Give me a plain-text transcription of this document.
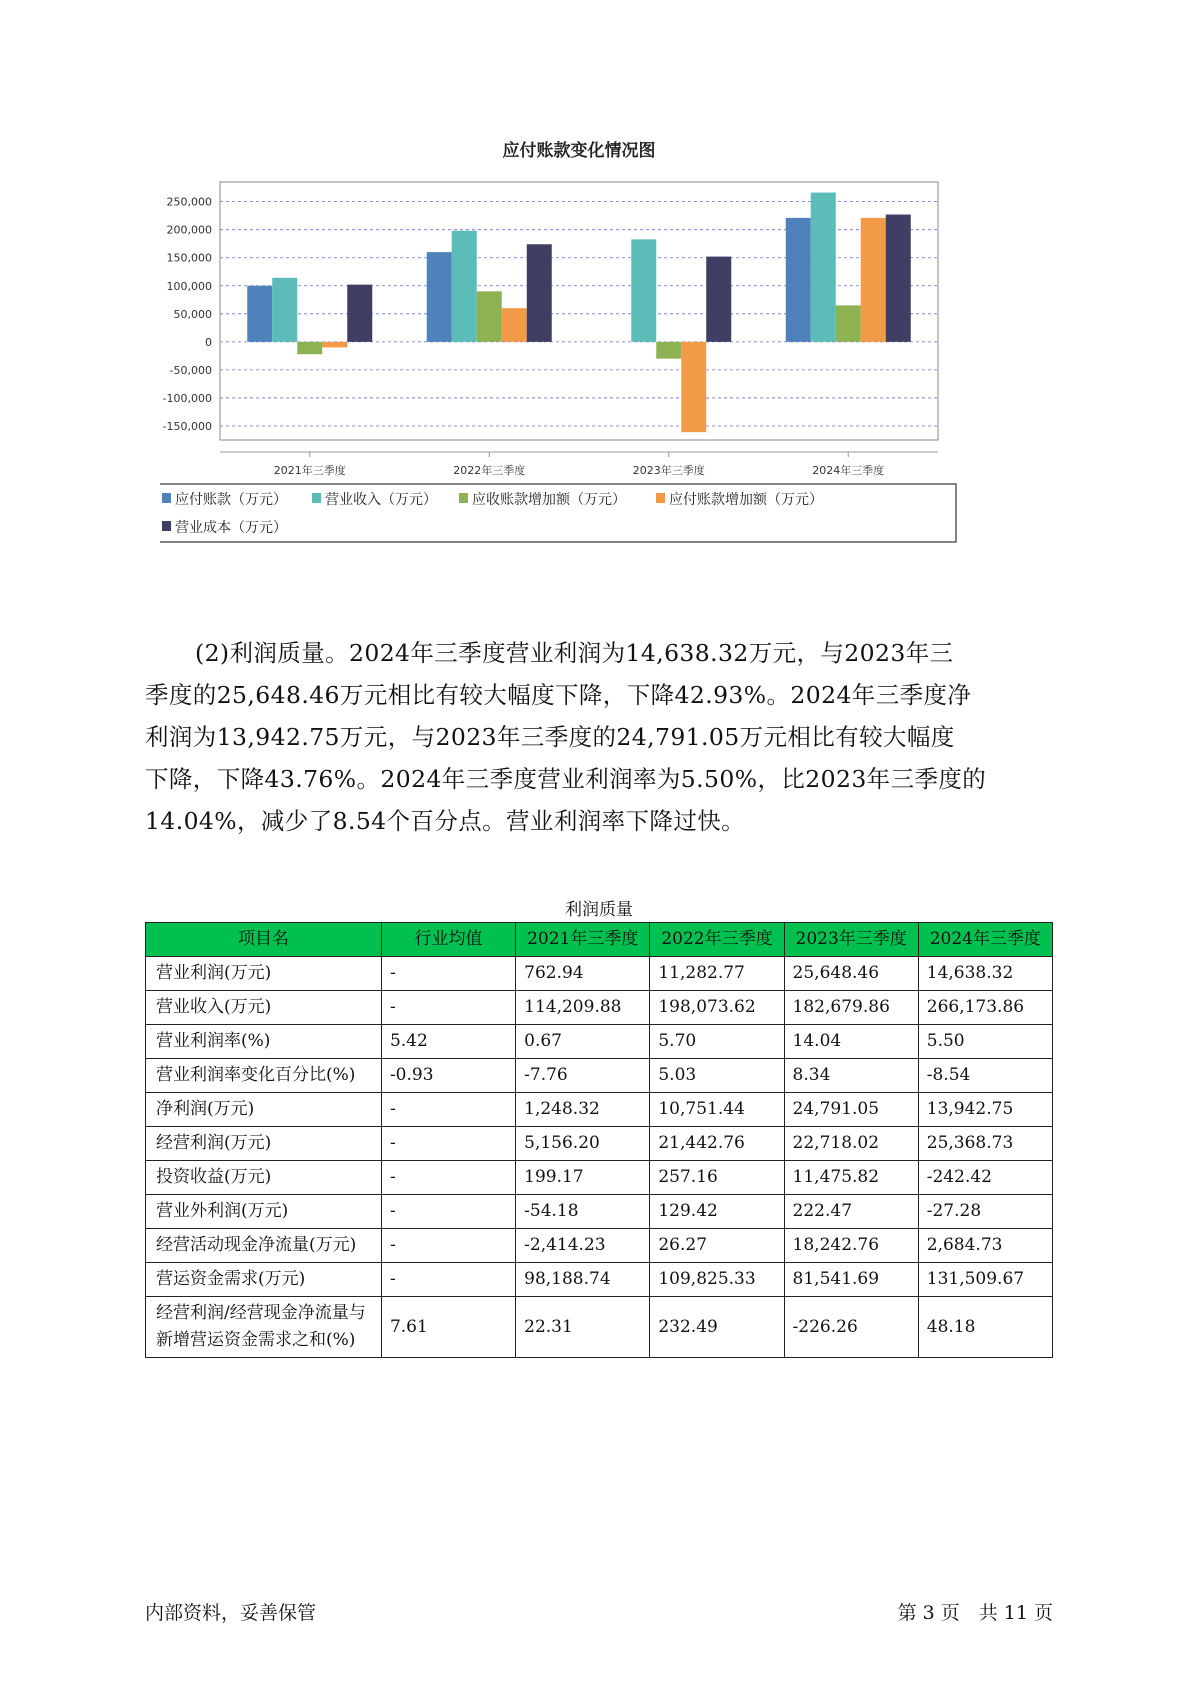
应付账款变化情况图
250,000
200,000
150,000
100,000
50,000
0
-50,000
-100,000
-150,000
2021年三季度	2022年三季度	2023年三季度	2024年三季度
应付账款（万元）	营业收入（万元）	应收账款增加额（万元）	应付账款增加额（万元）
营业成本（万元）
(2)利润质量。2024年三季度营业利润为14,638.32万元，与2023年三
季度的25,648.46万元相比有较大幅度下降，下降42.93%。2024年三季度净
利润为13,942.75万元，与2023年三季度的24,791.05万元相比有较大幅度
下降，下降43.76%。2024年三季度营业利润率为5.50%，比2023年三季度的
14.04%，减少了8.54个百分点。营业利润率下降过快。
利润质量
项目名	行业均值	2021年三季度	2022年三季度	2023年三季度	2024年三季度
营业利润(万元)	-	762.94	11,282.77	25,648.46	14,638.32
营业收入(万元)	-	114,209.88	198,073.62	182,679.86	266,173.86
营业利润率(%)	5.42	0.67	5.70	14.04	5.50
营业利润率变化百分比(%)	-0.93	-7.76	5.03	8.34	-8.54
净利润(万元)	-	1,248.32	10,751.44	24,791.05	13,942.75
经营利润(万元)	-	5,156.20	21,442.76	22,718.02	25,368.73
投资收益(万元)	-	199.17	257.16	11,475.82	-242.42
营业外利润(万元)	-	-54.18	129.42	222.47	-27.28
经营活动现金净流量(万元)	-	-2,414.23	26.27	18,242.76	2,684.73
营运资金需求(万元)	-	98,188.74	109,825.33	81,541.69	131,509.67
经营利润/经营现金净流量与新增营运资金需求之和(%)	7.61	22.31	232.49	-226.26	48.18
内部资料，妥善保管	第 3 页　共 11 页
